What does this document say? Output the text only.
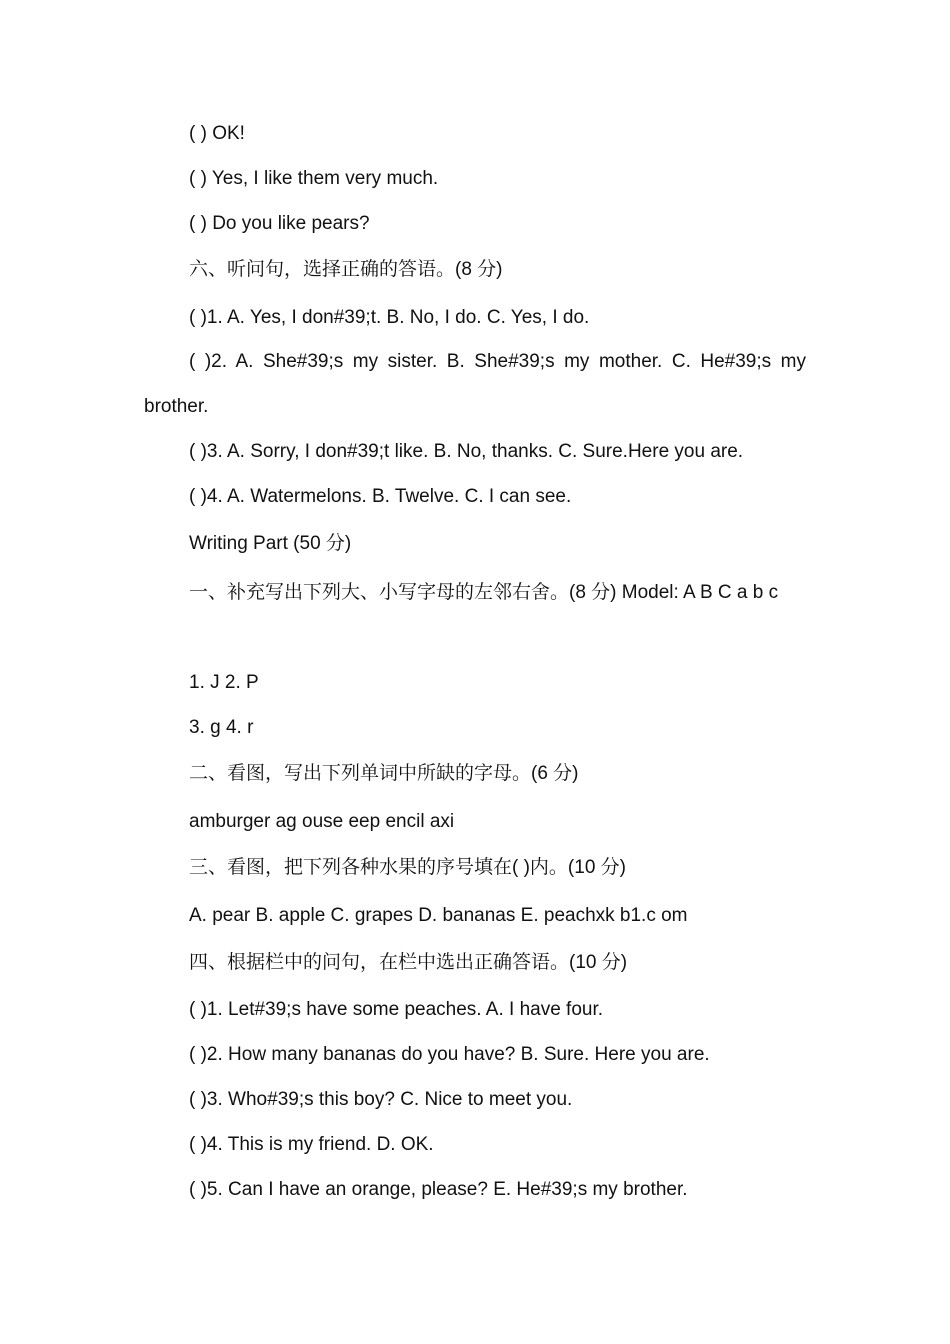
( ) OK!
( ) Yes, I like them very much.
( ) Do you like pears?
六、听问句，选择正确的答语。(8 分)
( )1. A. Yes, I don#39;t. B. No, I do. C. Yes, I do.
( )2. A. She#39;s my sister. B. She#39;s my mother. C. He#39;s my brother.
( )3. A. Sorry, I don#39;t like. B. No, thanks. C. Sure.Here you are.
( )4. A. Watermelons. B. Twelve. C. I can see.
Writing Part (50 分)
一、补充写出下列大、小写字母的左邻右舍。(8 分) Model: A B C a b c
1. J 2. P
3. g 4. r
二、看图，写出下列单词中所缺的字母。(6 分)
amburger ag ouse eep encil axi
三、看图，把下列各种水果的序号填在( )内。(10 分)
A. pear B. apple C. grapes D. bananas E. peachxk b1.c om
四、根据栏中的问句，在栏中选出正确答语。(10 分)
( )1. Let#39;s have some peaches. A. I have four.
( )2. How many bananas do you have? B. Sure. Here you are.
( )3. Who#39;s this boy? C. Nice to meet you.
( )4. This is my friend. D. OK.
( )5. Can I have an orange, please? E. He#39;s my brother.
